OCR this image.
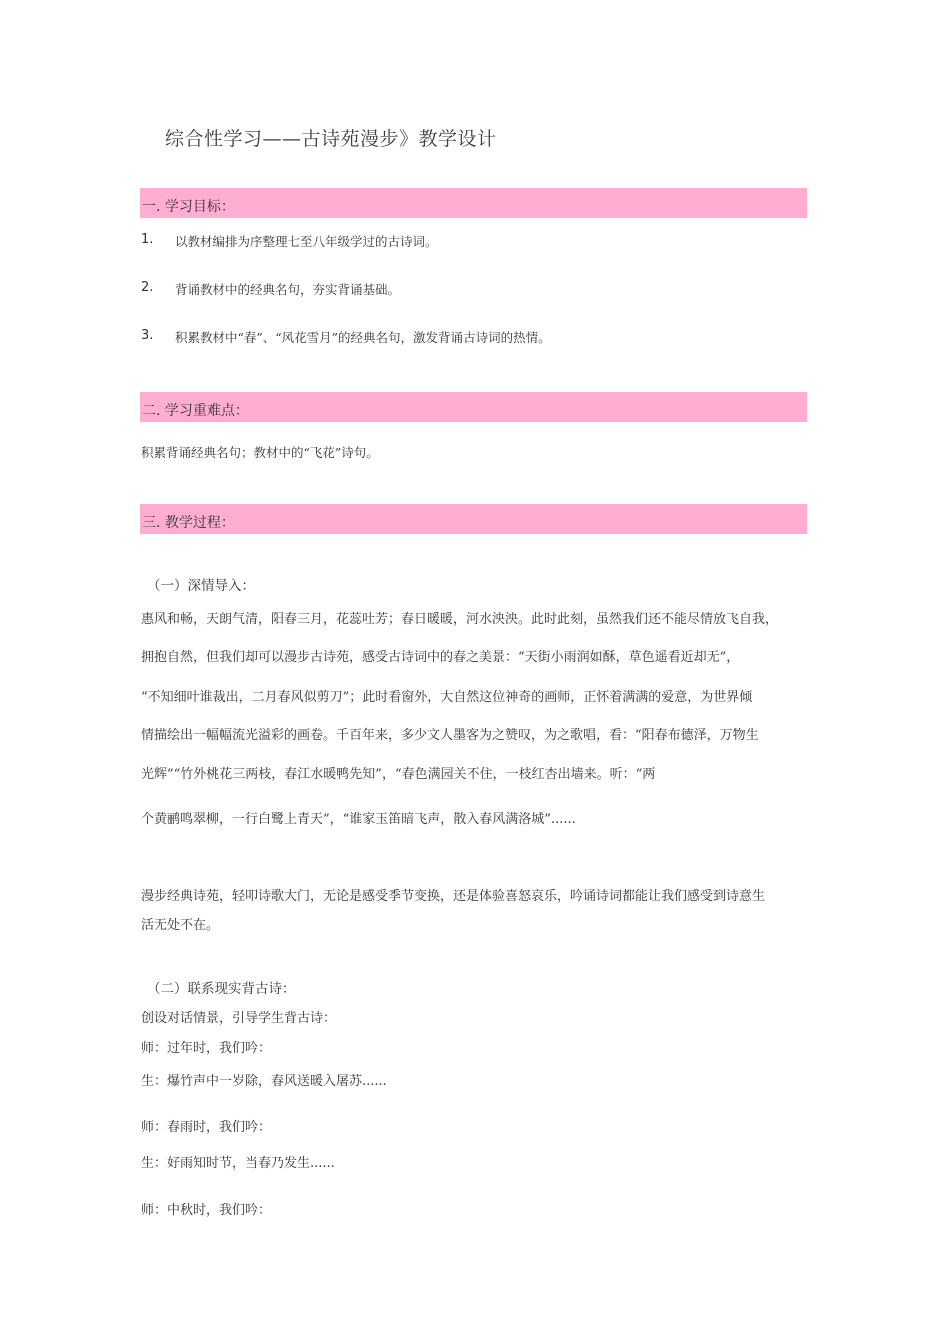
综合性学习——古诗苑漫步》教学设计
一. 学习目标：
1. 以教材编排为序整理七至八年级学过的古诗词。
2. 背诵教材中的经典名句，夯实背诵基础。
3. 积累教材中“春”、“风花雪月”的经典名句，激发背诵古诗词的热情。
二. 学习重难点：
积累背诵经典名句；教材中的“飞花”诗句。
三. 教学过程：
（一）深情导入：
惠风和畅，天朗气清，阳春三月，花蕊吐芳；春日暖暖，河水泱泱。此时此刻，虽然我们还不能尽情放飞自我，
拥抱自然，但我们却可以漫步古诗苑，感受古诗词中的春之美景：“天街小雨润如酥，草色遥看近却无”，
“不知细叶谁裁出，二月春风似剪刀”；此时看窗外，大自然这位神奇的画师，正怀着满满的爱意，为世界倾
情描绘出一幅幅流光溢彩的画卷。千百年来，多少文人墨客为之赞叹，为之歌唱，看：“阳春布德泽，万物生
光辉”“竹外桃花三两枝，春江水暖鸭先知”，“春色满园关不住，一枝红杏出墙来。听：“两
个黄鹂鸣翠柳，一行白鹭上青天”，“谁家玉笛暗飞声，散入春风满洛城”......
漫步经典诗苑，轻叩诗歌大门，无论是感受季节变换，还是体验喜怒哀乐，吟诵诗词都能让我们感受到诗意生
活无处不在。
（二）联系现实背古诗：
创设对话情景，引导学生背古诗：
师：过年时，我们吟：
生：爆竹声中一岁除，春风送暖入屠苏......
师：春雨时，我们吟：
生：好雨知时节，当春乃发生......
师：中秋时，我们吟：
